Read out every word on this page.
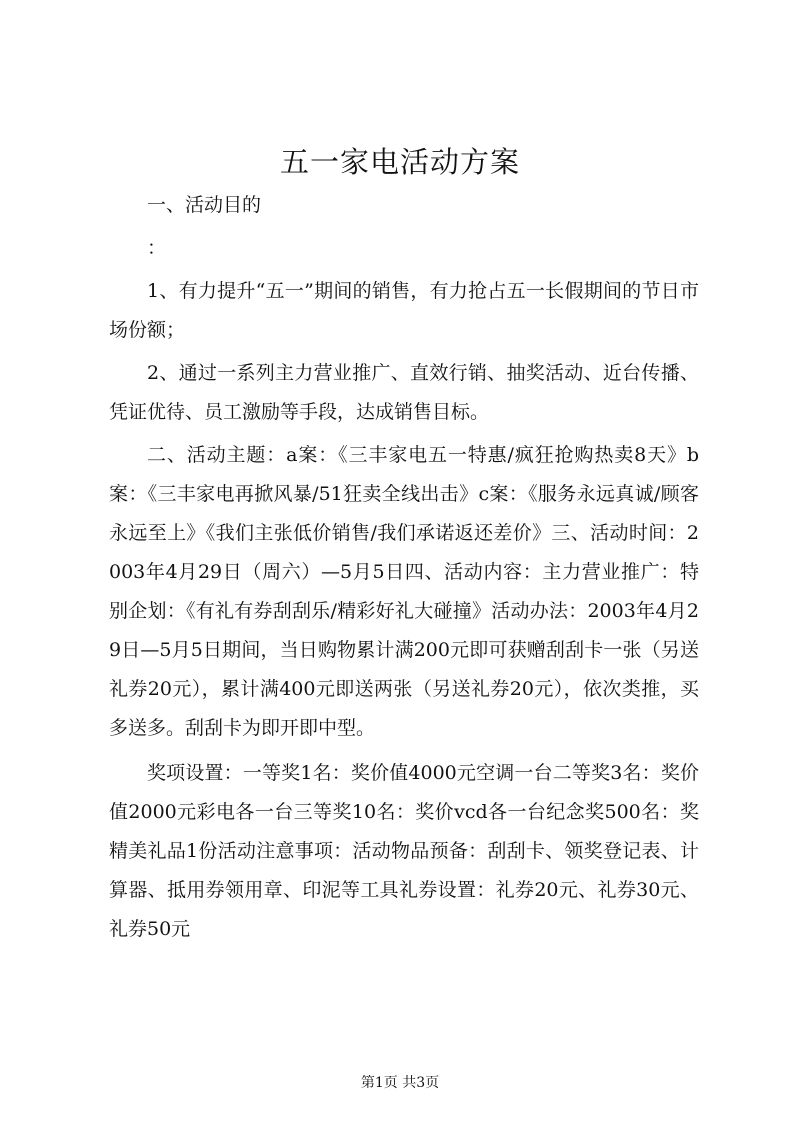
五一家电活动方案

一、活动目的

：

1、有力提升“五一”期间的销售，有力抢占五一长假期间的节日市场份额；

2、通过一系列主力营业推广、直效行销、抽奖活动、近台传播、凭证优待、员工激励等手段，达成销售目标。

二、活动主题：a案：《三丰家电五一特惠/疯狂抢购热卖8天》b案：《三丰家电再掀风暴/51狂卖全线出击》c案：《服务永远真诚/顾客永远至上》《我们主张低价销售/我们承诺返还差价》三、活动时间：2003年4月29日（周六）—5月5日四、活动内容：主力营业推广：特别企划：《有礼有券刮刮乐/精彩好礼大碰撞》活动办法：2003年4月29日—5月5日期间，当日购物累计满200元即可获赠刮刮卡一张（另送礼券20元），累计满400元即送两张（另送礼券20元），依次类推，买多送多。刮刮卡为即开即中型。

奖项设置：一等奖1名：奖价值4000元空调一台二等奖3名：奖价值2000元彩电各一台三等奖10名：奖价vcd各一台纪念奖500名：奖精美礼品1份活动注意事项：活动物品预备：刮刮卡、领奖登记表、计算器、抵用券领用章、印泥等工具礼券设置：礼券20元、礼券30元、礼券50元

第1页 共3页
